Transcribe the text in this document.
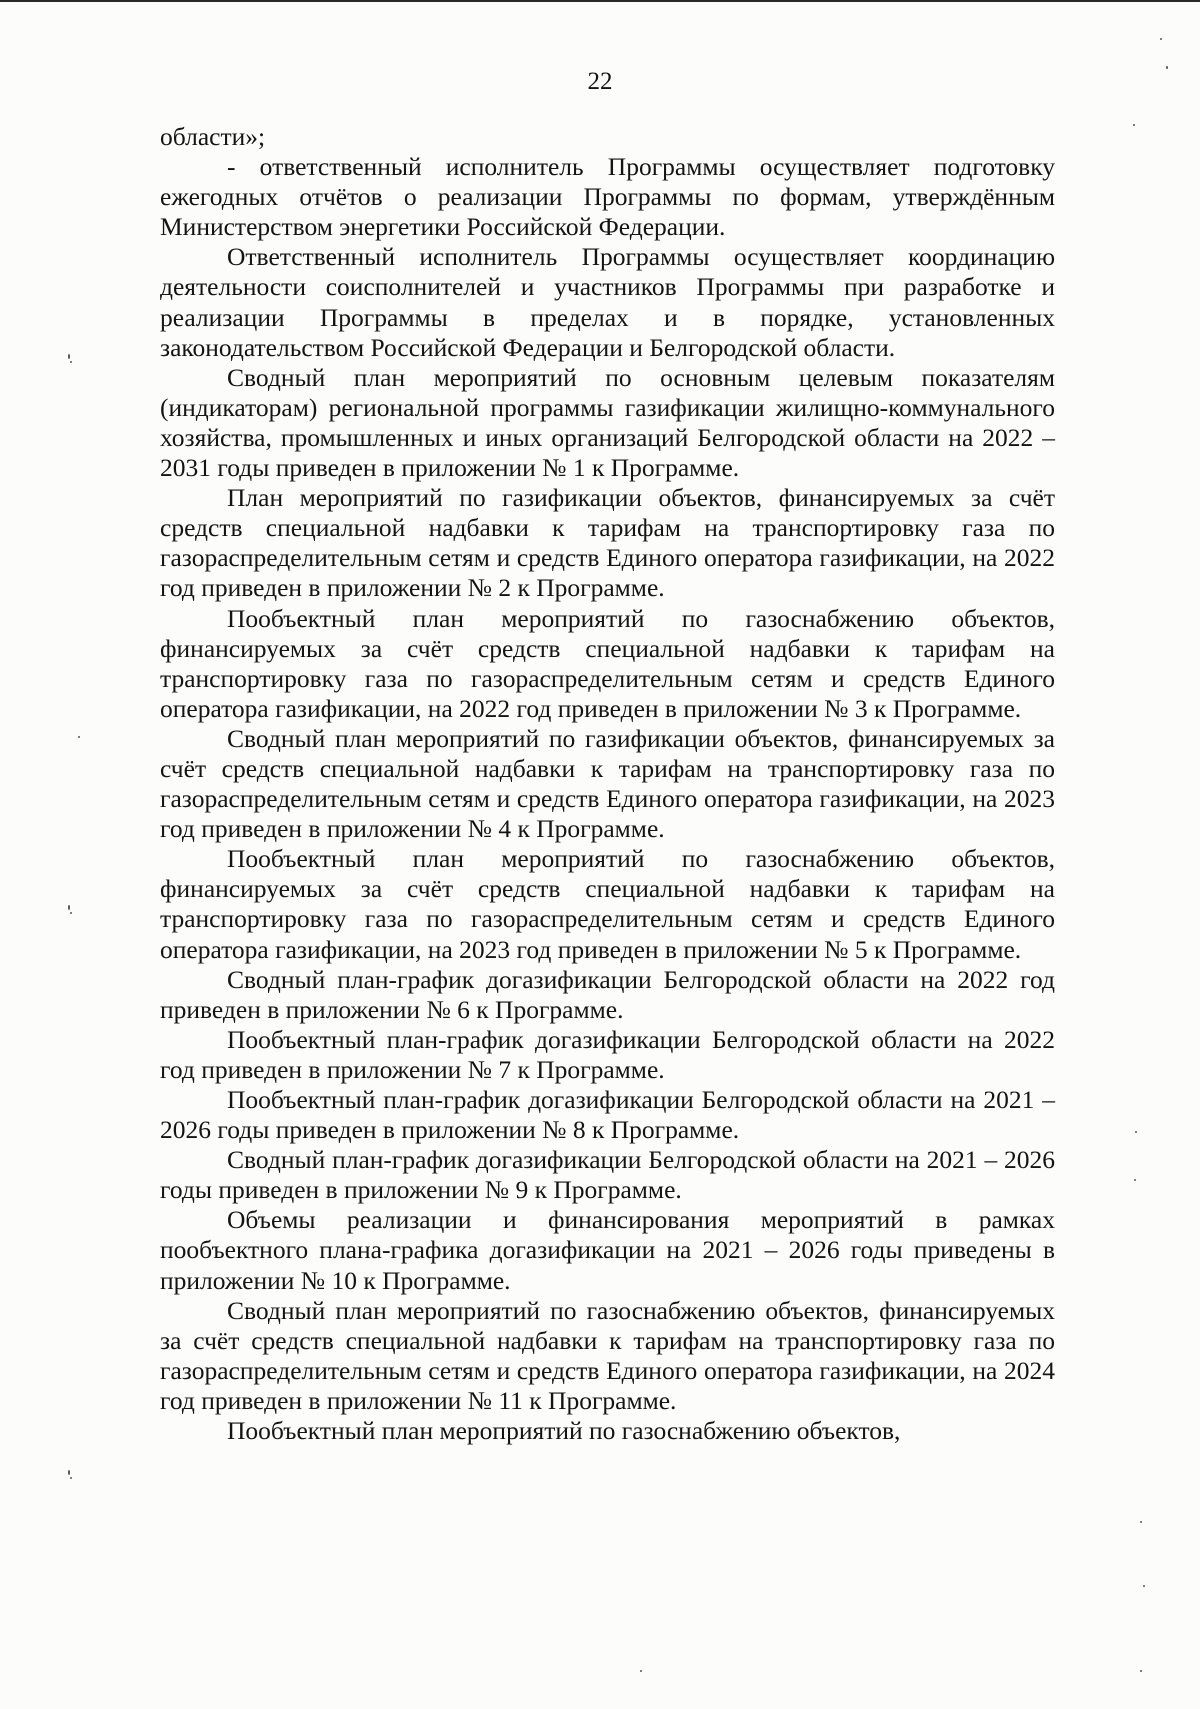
22

области»;

- ответственный исполнитель Программы осуществляет подготовку ежегодных отчётов о реализации Программы по формам, утверждённым Министерством энергетики Российской Федерации.

Ответственный исполнитель Программы осуществляет координацию деятельности соисполнителей и участников Программы при разработке и реализации Программы в пределах и в порядке, установленных законодательством Российской Федерации и Белгородской области.

Сводный план мероприятий по основным целевым показателям (индикаторам) региональной программы газификации жилищно-коммунального хозяйства, промышленных и иных организаций Белгородской области на 2022 – 2031 годы приведен в приложении № 1 к Программе.

План мероприятий по газификации объектов, финансируемых за счёт средств специальной надбавки к тарифам на транспортировку газа по газораспределительным сетям и средств Единого оператора газификации, на 2022 год приведен в приложении № 2 к Программе.

Пообъектный план мероприятий по газоснабжению объектов, финансируемых за счёт средств специальной надбавки к тарифам на транспортировку газа по газораспределительным сетям и средств Единого оператора газификации, на 2022 год приведен в приложении № 3 к Программе.

Сводный план мероприятий по газификации объектов, финансируемых за счёт средств специальной надбавки к тарифам на транспортировку газа по газораспределительным сетям и средств Единого оператора газификации, на 2023 год приведен в приложении № 4 к Программе.

Пообъектный план мероприятий по газоснабжению объектов, финансируемых за счёт средств специальной надбавки к тарифам на транспортировку газа по газораспределительным сетям и средств Единого оператора газификации, на 2023 год приведен в приложении № 5 к Программе.

Сводный план-график догазификации Белгородской области на 2022 год приведен в приложении № 6 к Программе.

Пообъектный план-график догазификации Белгородской области на 2022 год приведен в приложении № 7 к Программе.

Пообъектный план-график догазификации Белгородской области на 2021 – 2026 годы приведен в приложении № 8 к Программе.

Сводный план-график догазификации Белгородской области на 2021 – 2026 годы приведен в приложении № 9 к Программе.

Объемы реализации и финансирования мероприятий в рамках пообъектного плана-графика догазификации на 2021 – 2026 годы приведены в приложении № 10 к Программе.

Сводный план мероприятий по газоснабжению объектов, финансируемых за счёт средств специальной надбавки к тарифам на транспортировку газа по газораспределительным сетям и средств Единого оператора газификации, на 2024 год приведен в приложении № 11 к Программе.

Пообъектный план мероприятий по газоснабжению объектов,
